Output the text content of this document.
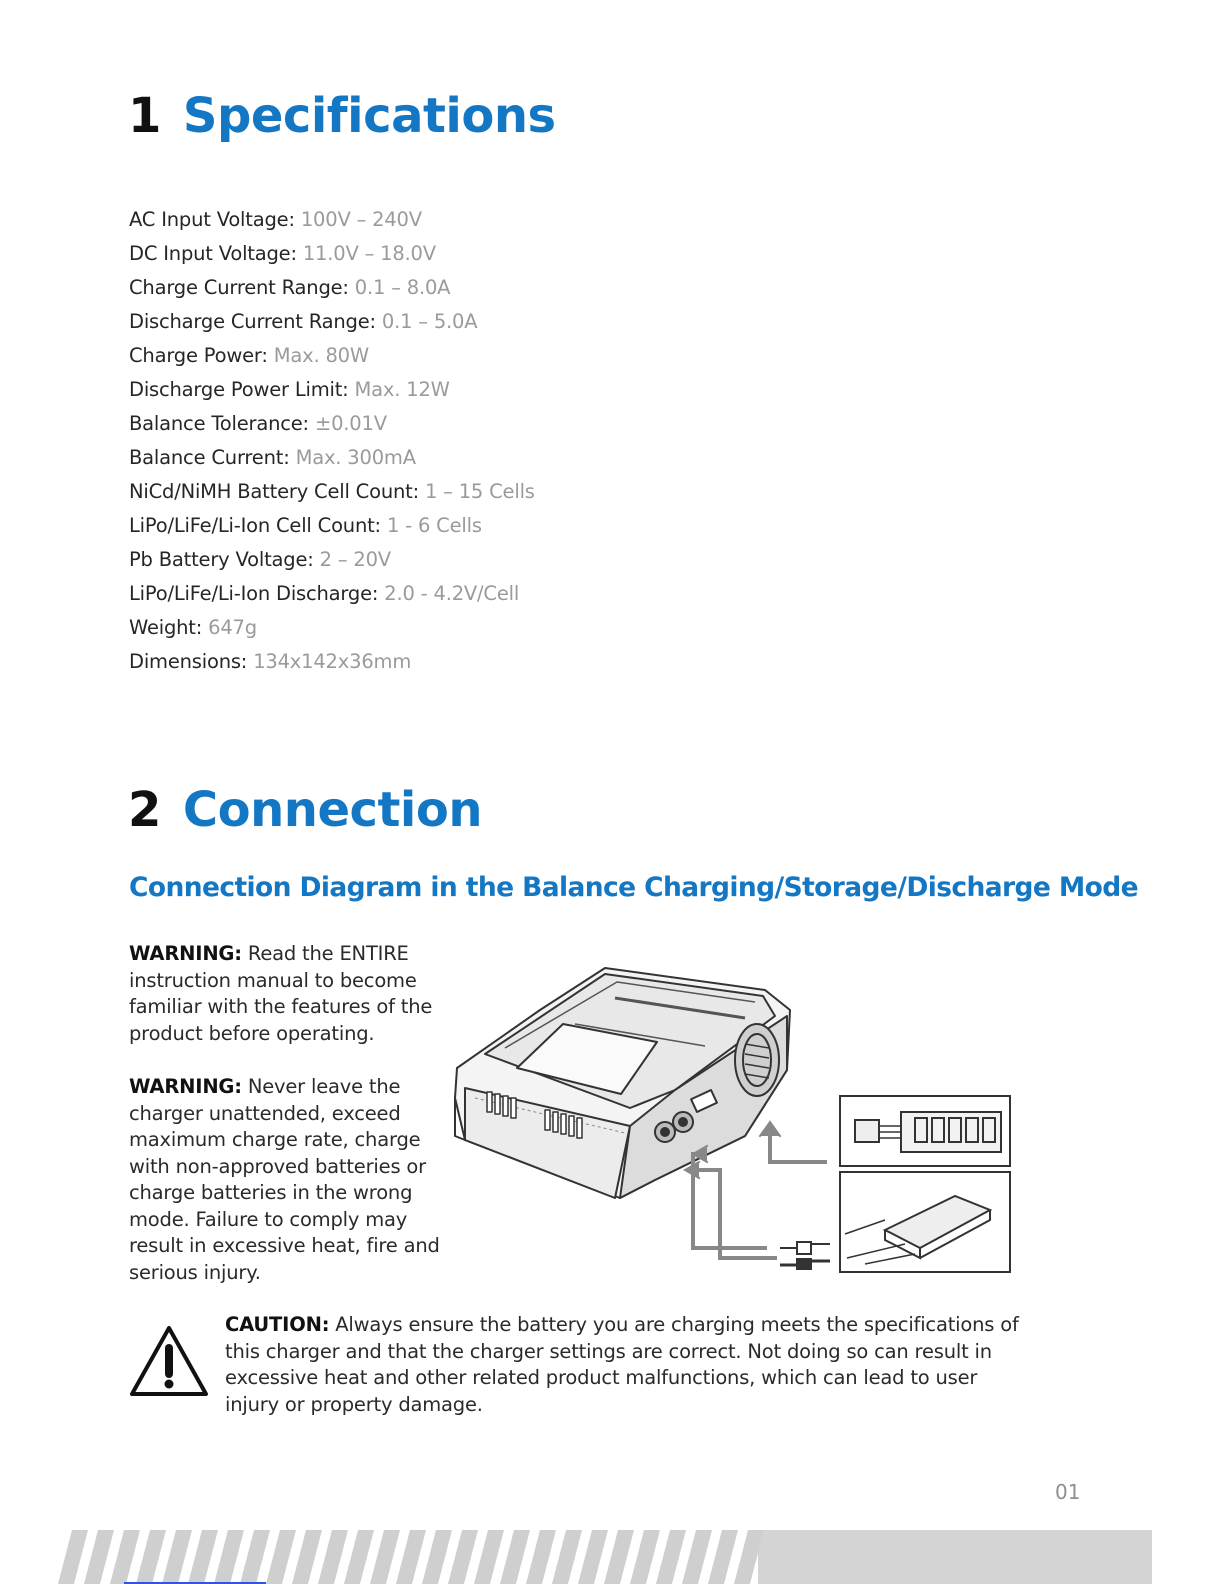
1 Specifications
AC Input Voltage: 100V – 240V
DC Input Voltage: 11.0V – 18.0V
Charge Current Range: 0.1 – 8.0A
Discharge Current Range: 0.1 – 5.0A
Charge Power: Max. 80W
Discharge Power Limit: Max. 12W
Balance Tolerance: ±0.01V
Balance Current: Max. 300mA
NiCd/NiMH Battery Cell Count: 1 – 15 Cells
LiPo/LiFe/Li-Ion Cell Count: 1 - 6 Cells
Pb Battery Voltage: 2 – 20V
LiPo/LiFe/Li-Ion Discharge: 2.0 - 4.2V/Cell
Weight: 647g
Dimensions: 134x142x36mm
2 Connection
Connection Diagram in the Balance Charging/Storage/Discharge Mode

WARNING: Read the ENTIRE instruction manual to become familiar with the features of the product before operating.

WARNING: Never leave the charger unattended, exceed maximum charge rate, charge with non-approved batteries or charge batteries in the wrong mode. Failure to comply may result in excessive heat, fire and serious injury.

CAUTION: Always ensure the battery you are charging meets the specifications of this charger and that the charger settings are correct. Not doing so can result in excessive heat and other related product malfunctions, which can lead to user injury or property damage.

01
